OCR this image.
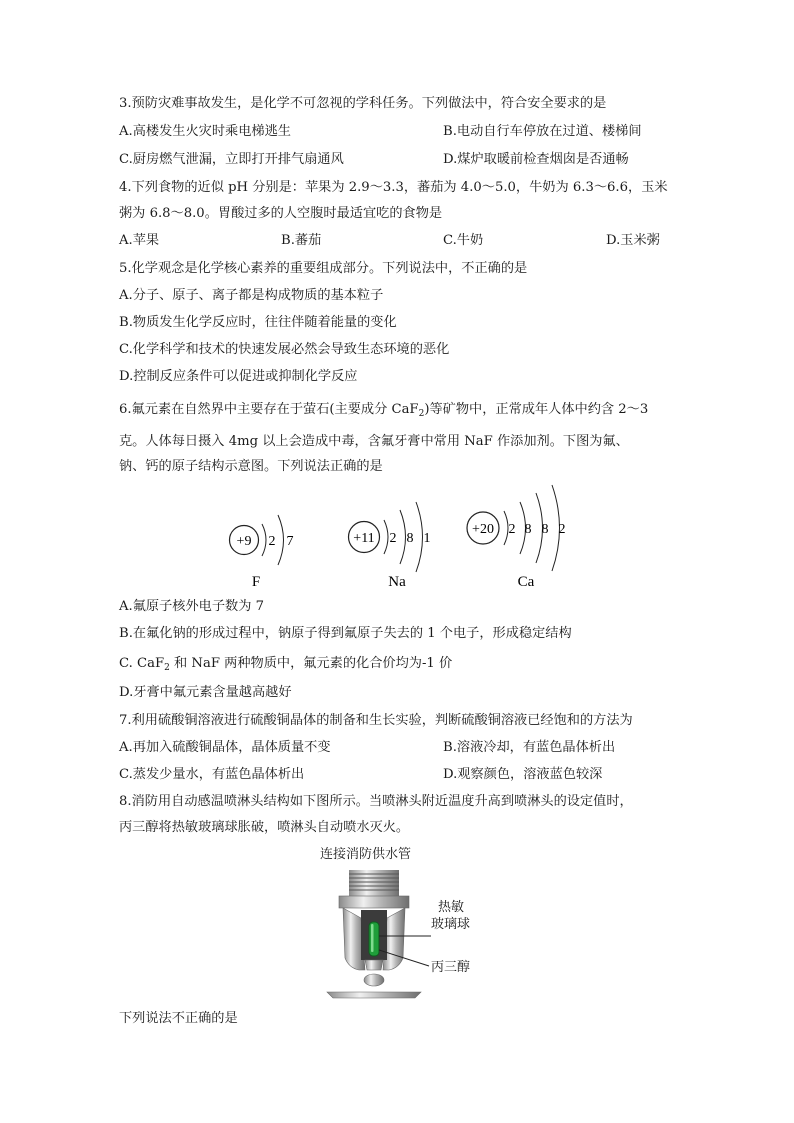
3.预防灾难事故发生，是化学不可忽视的学科任务。下列做法中，符合安全要求的是
A.高楼发生火灾时乘电梯逃生	B.电动自行车停放在过道、楼梯间
C.厨房燃气泄漏，立即打开排气扇通风	D.煤炉取暖前检查烟囱是否通畅
4.下列食物的近似 pH 分别是：苹果为 2.9～3.3，蕃茄为 4.0～5.0，牛奶为 6.3～6.6，玉米
粥为 6.8～8.0。胃酸过多的人空腹时最适宜吃的食物是
A.苹果	B.蕃茄	C.牛奶	D.玉米粥
5.化学观念是化学核心素养的重要组成部分。下列说法中，不正确的是
A.分子、原子、离子都是构成物质的基本粒子
B.物质发生化学反应时，往往伴随着能量的变化
C.化学科学和技术的快速发展必然会导致生态环境的恶化
D.控制反应条件可以促进或抑制化学反应
6.氟元素在自然界中主要存在于萤石(主要成分 CaF$_2$)等矿物中，正常成年人体中约含 2～3
克。人体每日摄入 4mg 以上会造成中毒，含氟牙膏中常用 NaF 作添加剂。下图为氟、
钠、钙的原子结构示意图。下列说法正确的是
+9 2 7
F
+11 2 8 1
Na
+20 2 8 8 2
Ca
A.氟原子核外电子数为 7
B.在氟化钠的形成过程中，钠原子得到氟原子失去的 1 个电子，形成稳定结构
C. CaF$_2$ 和 NaF 两种物质中，氟元素的化合价均为-1 价
D.牙膏中氟元素含量越高越好
7.利用硫酸铜溶液进行硫酸铜晶体的制备和生长实验，判断硫酸铜溶液已经饱和的方法为
A.再加入硫酸铜晶体，晶体质量不变	B.溶液冷却，有蓝色晶体析出
C.蒸发少量水，有蓝色晶体析出	D.观察颜色，溶液蓝色较深
8.消防用自动感温喷淋头结构如下图所示。当喷淋头附近温度升高到喷淋头的设定值时，
丙三醇将热敏玻璃球胀破，喷淋头自动喷水灭火。
连接消防供水管
热敏
玻璃球
丙三醇
下列说法不正确的是
